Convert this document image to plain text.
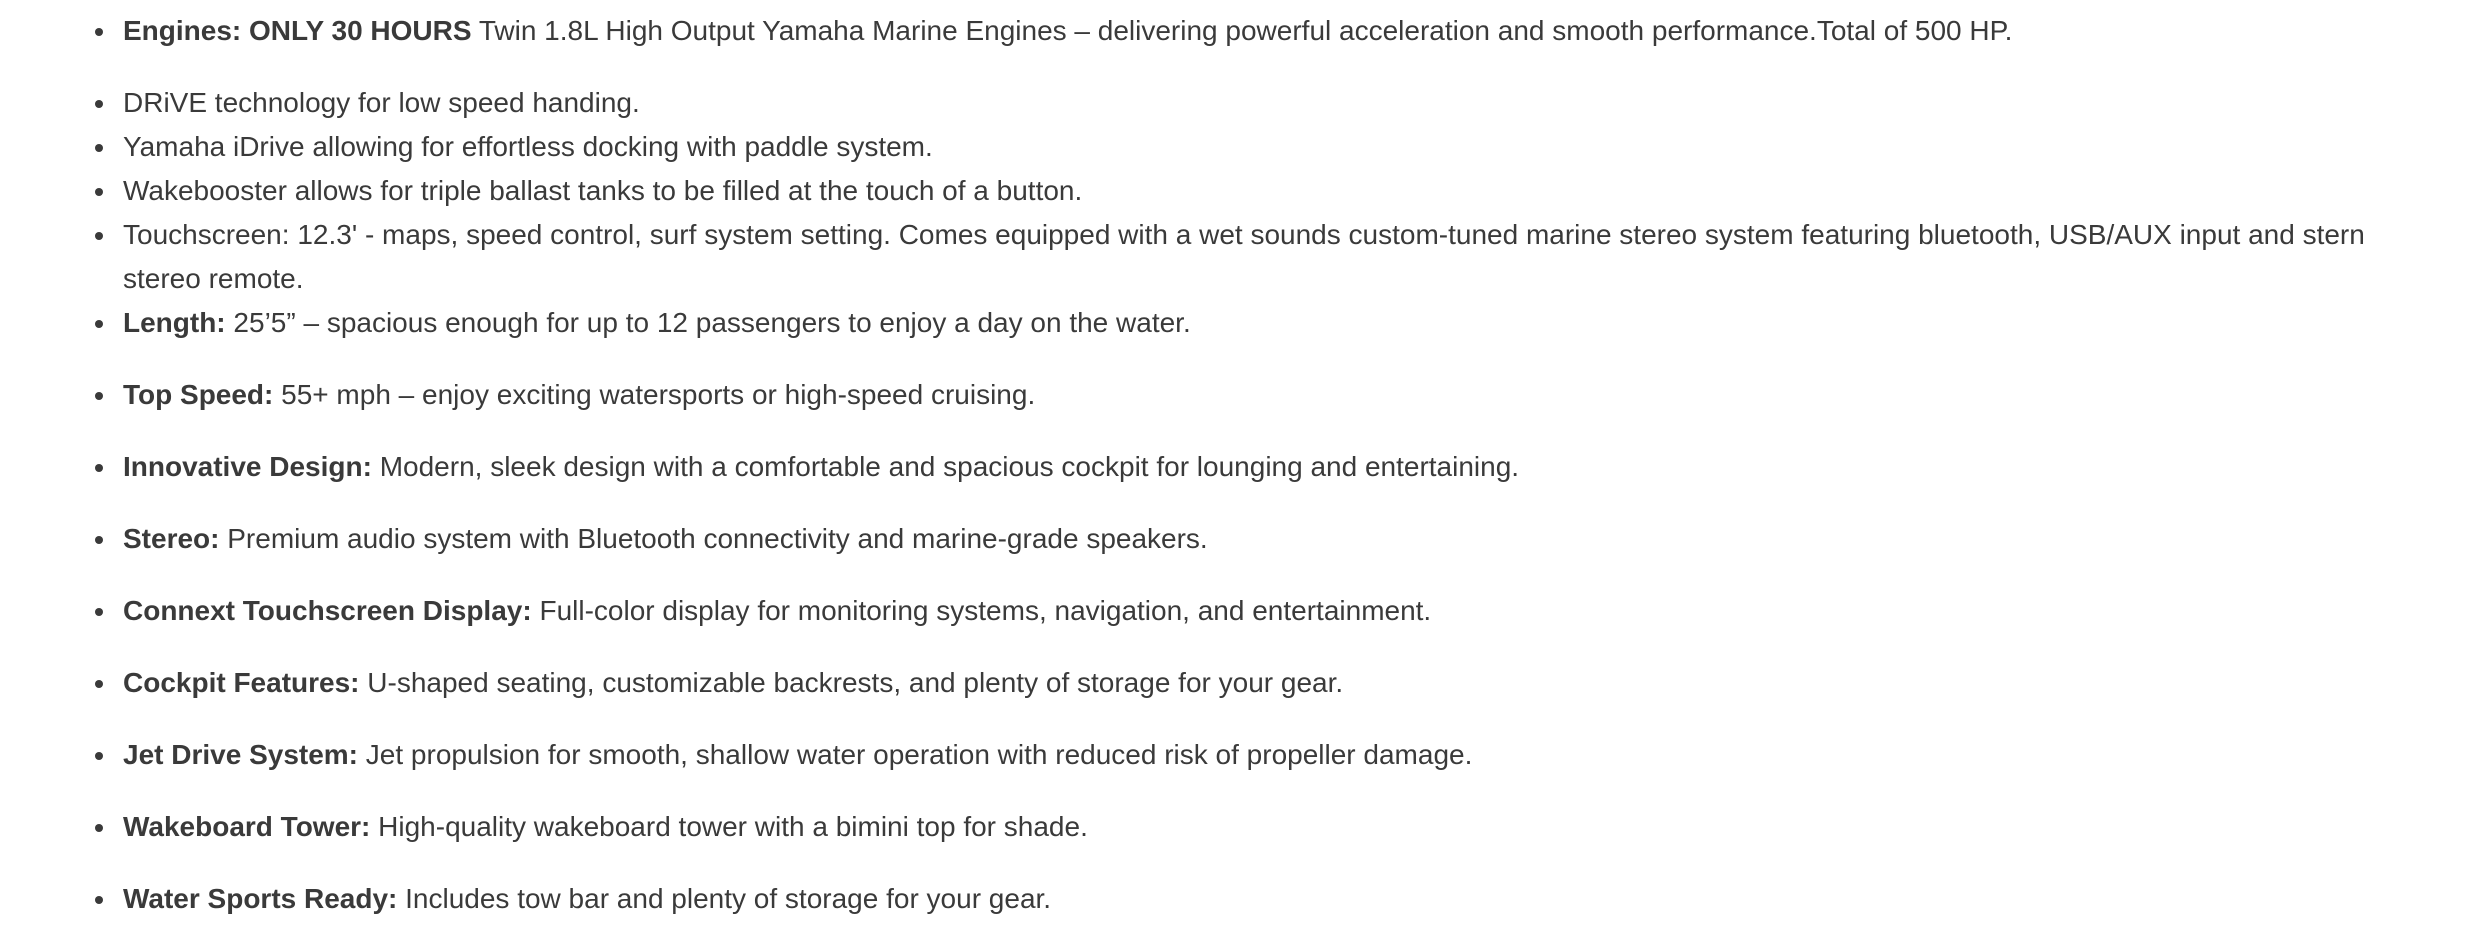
Engines: ONLY 30 HOURS Twin 1.8L High Output Yamaha Marine Engines – delivering powerful acceleration and smooth performance.Total of 500 HP.
DRiVE technology for low speed handing.
Yamaha iDrive allowing for effortless docking with paddle system.
Wakebooster allows for triple ballast tanks to be filled at the touch of a button.
Touchscreen: 12.3' - maps, speed control, surf system setting. Comes equipped with a wet sounds custom-tuned marine stereo system featuring bluetooth, USB/AUX input and stern stereo remote.
Length: 25’5” – spacious enough for up to 12 passengers to enjoy a day on the water.
Top Speed: 55+ mph – enjoy exciting watersports or high-speed cruising.
Innovative Design: Modern, sleek design with a comfortable and spacious cockpit for lounging and entertaining.
Stereo: Premium audio system with Bluetooth connectivity and marine-grade speakers.
Connext Touchscreen Display: Full-color display for monitoring systems, navigation, and entertainment.
Cockpit Features: U-shaped seating, customizable backrests, and plenty of storage for your gear.
Jet Drive System: Jet propulsion for smooth, shallow water operation with reduced risk of propeller damage.
Wakeboard Tower: High-quality wakeboard tower with a bimini top for shade.
Water Sports Ready: Includes tow bar and plenty of storage for your gear.
